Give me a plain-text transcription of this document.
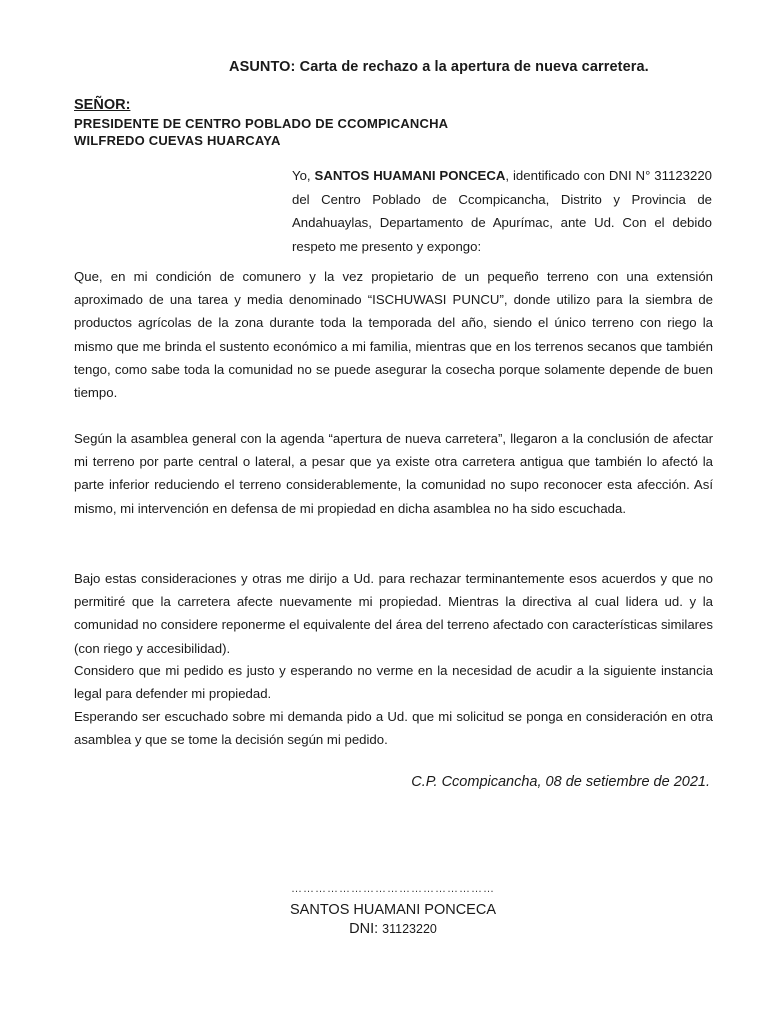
ASUNTO: Carta de rechazo a la apertura de nueva carretera.
SEÑOR:
PRESIDENTE DE CENTRO POBLADO DE CCOMPICANCHA
WILFREDO CUEVAS HUARCAYA
Yo, SANTOS HUAMANI PONCECA, identificado con DNI N° 31123220 del Centro Poblado de Ccompicancha, Distrito y Provincia de Andahuaylas, Departamento de Apurímac, ante Ud. Con el debido respeto me presento y expongo:
Que, en mi condición de comunero y la vez propietario de un pequeño terreno con una extensión aproximado de una tarea y media denominado “ISCHUWASI PUNCU”, donde utilizo para la siembra de productos agrícolas de la zona durante toda la temporada del año, siendo el único terreno con riego la mismo que me brinda el sustento económico a mi familia, mientras que en los terrenos secanos que también tengo, como sabe toda la comunidad no se puede asegurar la cosecha porque solamente depende de buen tiempo.
Según la asamblea general con la agenda “apertura de nueva carretera”, llegaron a la conclusión de afectar mi terreno por parte central o lateral, a pesar que ya existe otra carretera antigua que también lo afectó la parte inferior reduciendo el terreno considerablemente, la comunidad no supo reconocer esta afección. Así mismo, mi intervención en defensa de mi propiedad en dicha asamblea no ha sido escuchada.
Bajo estas consideraciones y otras me dirijo a Ud. para rechazar terminantemente esos acuerdos y que no permitiré que la carretera afecte nuevamente mi propiedad. Mientras la directiva al cual lidera ud. y la comunidad no considere reponerme el equivalente del área del terreno afectado con características similares (con riego y accesibilidad).
Considero que mi pedido es justo y esperando no verme en la necesidad de acudir a la siguiente instancia legal para defender mi propiedad.
Esperando ser escuchado sobre mi demanda pido a Ud. que mi solicitud se ponga en consideración en otra asamblea y que se tome la decisión según mi pedido.
C.P. Ccompicancha, 08 de setiembre de 2021.
……………………………………………
SANTOS HUAMANI PONCECA
DNI: 31123220
